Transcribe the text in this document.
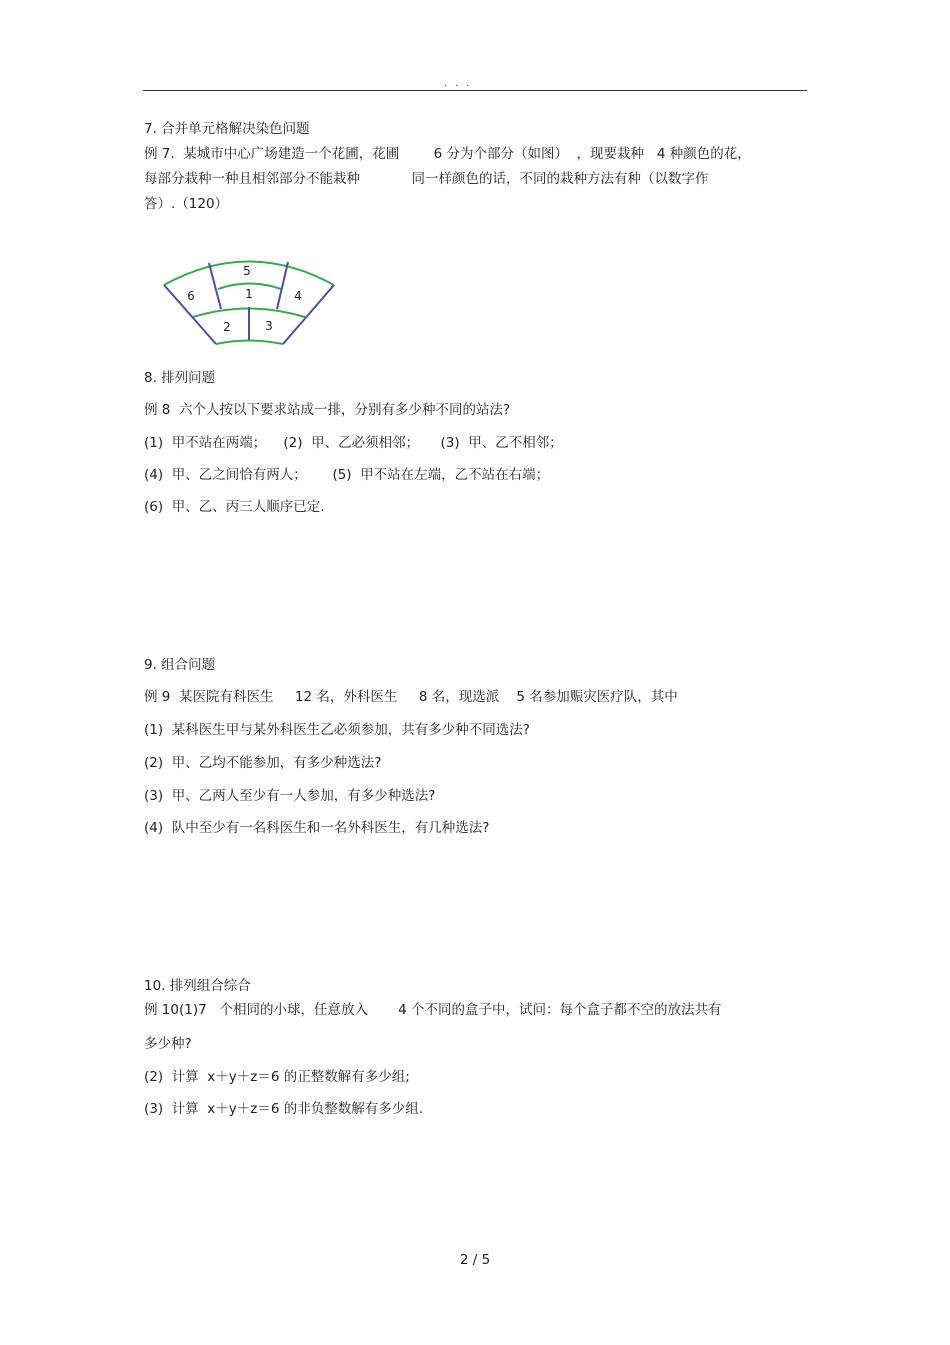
. . .
7. 合并单元格解决染色问题
例 7.  某城市中心广场建造一个花圃，花圃        6 分为个部分（如图）  ，现要栽种   4 种颜色的花，
每部分栽种一种且相邻部分不能栽种            同一样颜色的话，不同的栽种方法有种（以数字作
答）.（120）
1
2	3
4
5
6
8. 排列问题
例 8  六个人按以下要求站成一排，分别有多少种不同的站法?
(1)  甲不站在两端；    (2)  甲、乙必须相邻；     (3)  甲、乙不相邻；
(4)  甲、乙之间恰有两人；      (5)  甲不站在左端，乙不站在右端；
(6)  甲、乙、丙三人顺序已定.
9. 组合问题
例 9  某医院有科医生     12 名，外科医生     8 名，现选派    5 名参加赈灾医疗队，其中
(1)  某科医生甲与某外科医生乙必须参加，共有多少种不同选法?
(2)  甲、乙均不能参加，有多少种选法?
(3)  甲、乙两人至少有一人参加，有多少种选法?
(4)  队中至少有一名科医生和一名外科医生，有几种选法?
10. 排列组合综合
例 10(1)7   个相同的小球，任意放入       4 个不同的盒子中，试问：每个盒子都不空的放法共有
多少种?
(2)  计算  x＋y＋z＝6 的正整数解有多少组;
(3)  计算  x＋y＋z＝6 的非负整数解有多少组.
2 / 5
